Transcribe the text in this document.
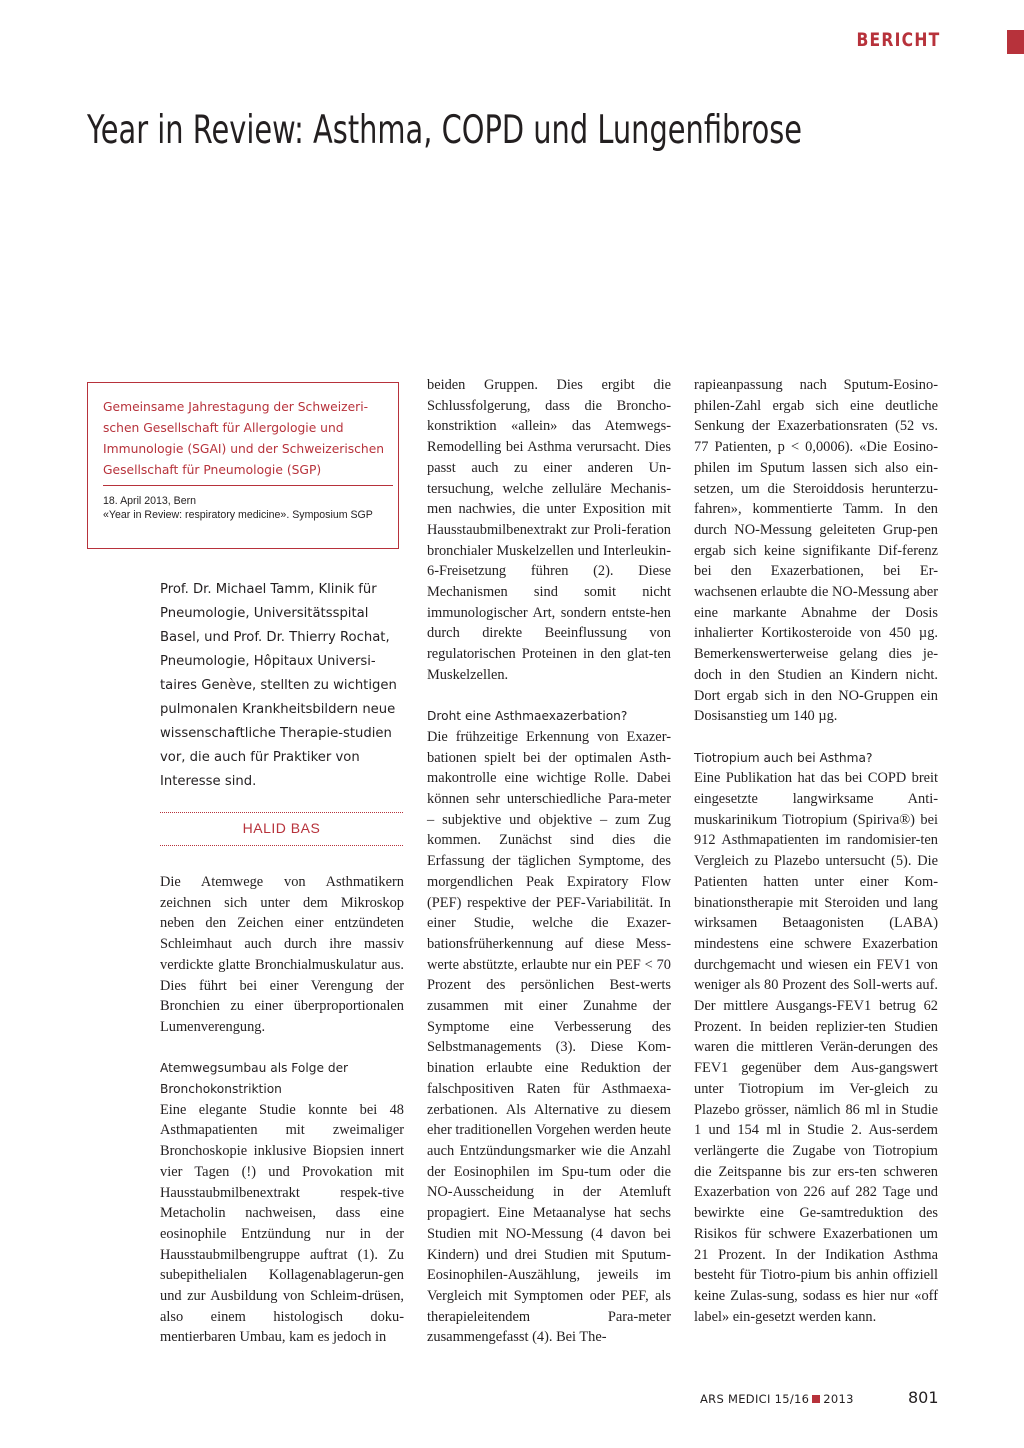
BERICHT
Year in Review: Asthma, COPD und Lungenfibrose
Gemeinsame Jahrestagung der Schweizeri-schen Gesellschaft für Allergologie und Immunologie (SGAI) und der Schweizerischen Gesellschaft für Pneumologie (SGP)
18. April 2013, Bern
«Year in Review: respiratory medicine». Symposium SGP
Prof. Dr. Michael Tamm, Klinik für Pneumologie, Universitätsspital Basel, und Prof. Dr. Thierry Rochat, Pneumologie, Hôpitaux Universi-taires Genève, stellten zu wichtigen pulmonalen Krankheitsbildern neue wissenschaftliche Therapie-studien vor, die auch für Praktiker von Interesse sind.
HALID BAS

Die Atemwege von Asthmatikern zeichnen sich unter dem Mikroskop neben den Zeichen einer entzündeten Schleimhaut auch durch ihre massiv verdickte glatte Bronchialmuskulatur aus. Dies führt bei einer Verengung der Bronchien zu einer überproportionalen Lumenverengung.

Atemwegsumbau als Folge der Bronchokonstriktion

Eine elegante Studie konnte bei 48 Asthmapatienten mit zweimaliger Bronchoskopie inklusive Biopsien innert vier Tagen (!) und Provokation mit Hausstaubmilbenextrakt respek-tive Metacholin nachweisen, dass eine eosinophile Entzündung nur in der Hausstaubmilbengruppe auftrat (1). Zu subepithelialen Kollagenablagerun-gen und zur Ausbildung von Schleim-drüsen, also einem histologisch doku-mentierbaren Umbau, kam es jedoch in

beiden Gruppen. Dies ergibt die Schlussfolgerung, dass die Broncho-konstriktion «allein» das Atemwegs-Remodelling bei Asthma verursacht. Dies passt auch zu einer anderen Un-tersuchung, welche zelluläre Mechanis-men nachwies, die unter Exposition mit Hausstaubmilbenextrakt zur Proli-feration bronchialer Muskelzellen und Interleukin-6-Freisetzung führen (2). Diese Mechanismen sind somit nicht immunologischer Art, sondern entste-hen durch direkte Beeinflussung von regulatorischen Proteinen in den glat-ten Muskelzellen.

Droht eine Asthmaexazerbation?

Die frühzeitige Erkennung von Exazer-bationen spielt bei der optimalen Asth-makontrolle eine wichtige Rolle. Dabei können sehr unterschiedliche Para-meter – subjektive und objektive – zum Zug kommen. Zunächst sind dies die Erfassung der täglichen Symptome, des morgendlichen Peak Expiratory Flow (PEF) respektive der PEF-Variabilität. In einer Studie, welche die Exazer-bationsfrüherkennung auf diese Mess-werte abstützte, erlaubte nur ein PEF < 70 Prozent des persönlichen Best-werts zusammen mit einer Zunahme der Symptome eine Verbesserung des Selbstmanagements (3). Diese Kom-bination erlaubte eine Reduktion der falschpositiven Raten für Asthmaexa-zerbationen. Als Alternative zu diesem eher traditionellen Vorgehen werden heute auch Entzündungsmarker wie die Anzahl der Eosinophilen im Spu-tum oder die NO-Ausscheidung in der Atemluft propagiert. Eine Metaanalyse hat sechs Studien mit NO-Messung (4 davon bei Kindern) und drei Studien mit Sputum-Eosinophilen-Auszählung, jeweils im Vergleich mit Symptomen oder PEF, als therapieleitendem Para-meter zusammengefasst (4). Bei The-

rapieanpassung nach Sputum-Eosino-philen-Zahl ergab sich eine deutliche Senkung der Exazerbationsraten (52 vs. 77 Patienten, p < 0,0006). «Die Eosino-philen im Sputum lassen sich also ein-setzen, um die Steroiddosis herunterzu-fahren», kommentierte Tamm. In den durch NO-Messung geleiteten Grup-pen ergab sich keine signifikante Dif-ferenz bei den Exazerbationen, bei Er-wachsenen erlaubte die NO-Messung aber eine markante Abnahme der Dosis inhalierter Kortikosteroide von 450 µg. Bemerkenswerterweise gelang dies je-doch in den Studien an Kindern nicht. Dort ergab sich in den NO-Gruppen ein Dosisanstieg um 140 µg.

Tiotropium auch bei Asthma?

Eine Publikation hat das bei COPD breit eingesetzte langwirksame Anti-muskarinikum Tiotropium (Spiriva®) bei 912 Asthmapatienten im randomisier-ten Vergleich zu Plazebo untersucht (5). Die Patienten hatten unter einer Kom-binationstherapie mit Steroiden und lang wirksamen Betaagonisten (LABA) mindestens eine schwere Exazerbation durchgemacht und wiesen ein FEV1 von weniger als 80 Prozent des Soll-werts auf. Der mittlere Ausgangs-FEV1 betrug 62 Prozent. In beiden replizier-ten Studien waren die mittleren Verän-derungen des FEV1 gegenüber dem Aus-gangswert unter Tiotropium im Ver-gleich zu Plazebo grösser, nämlich 86 ml in Studie 1 und 154 ml in Studie 2. Aus-serdem verlängerte die Zugabe von Tiotropium die Zeitspanne bis zur ers-ten schweren Exazerbation von 226 auf 282 Tage und bewirkte eine Ge-samtreduktion des Risikos für schwere Exazerbationen um 21 Prozent. In der Indikation Asthma besteht für Tiotro-pium bis anhin offiziell keine Zulas-sung, sodass es hier nur «off label» ein-gesetzt werden kann.

ARS MEDICI 15/16 2013	801
